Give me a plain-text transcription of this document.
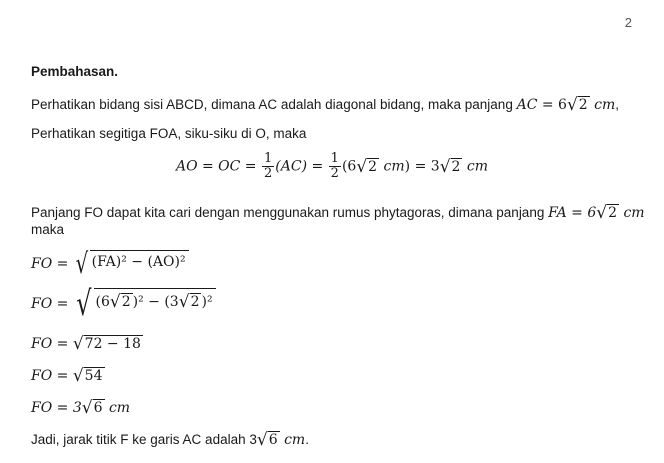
2
Pembahasan.
Perhatikan bidang sisi ABCD, dimana AC adalah diagonal bidang, maka panjang AC = 6√2 cm,
Perhatikan segitiga FOA, siku-siku di O, maka
AO = OC = $\frac{1}{2} (AC) = \frac{1}{2} (6√2$ cm) = 3√2 cm
Panjang FO dapat kita cari dengan menggunakan rumus phytagoras, dimana panjang FA = 6√2 cm
maka
FO = √ (FA)² − (AO)²
FO = √ (6√2 )² − (3√2 )²
FO = √72 − 18
FO = √54
FO = 3√6 cm
Jadi, jarak titik F ke garis AC adalah 3√6 cm.
